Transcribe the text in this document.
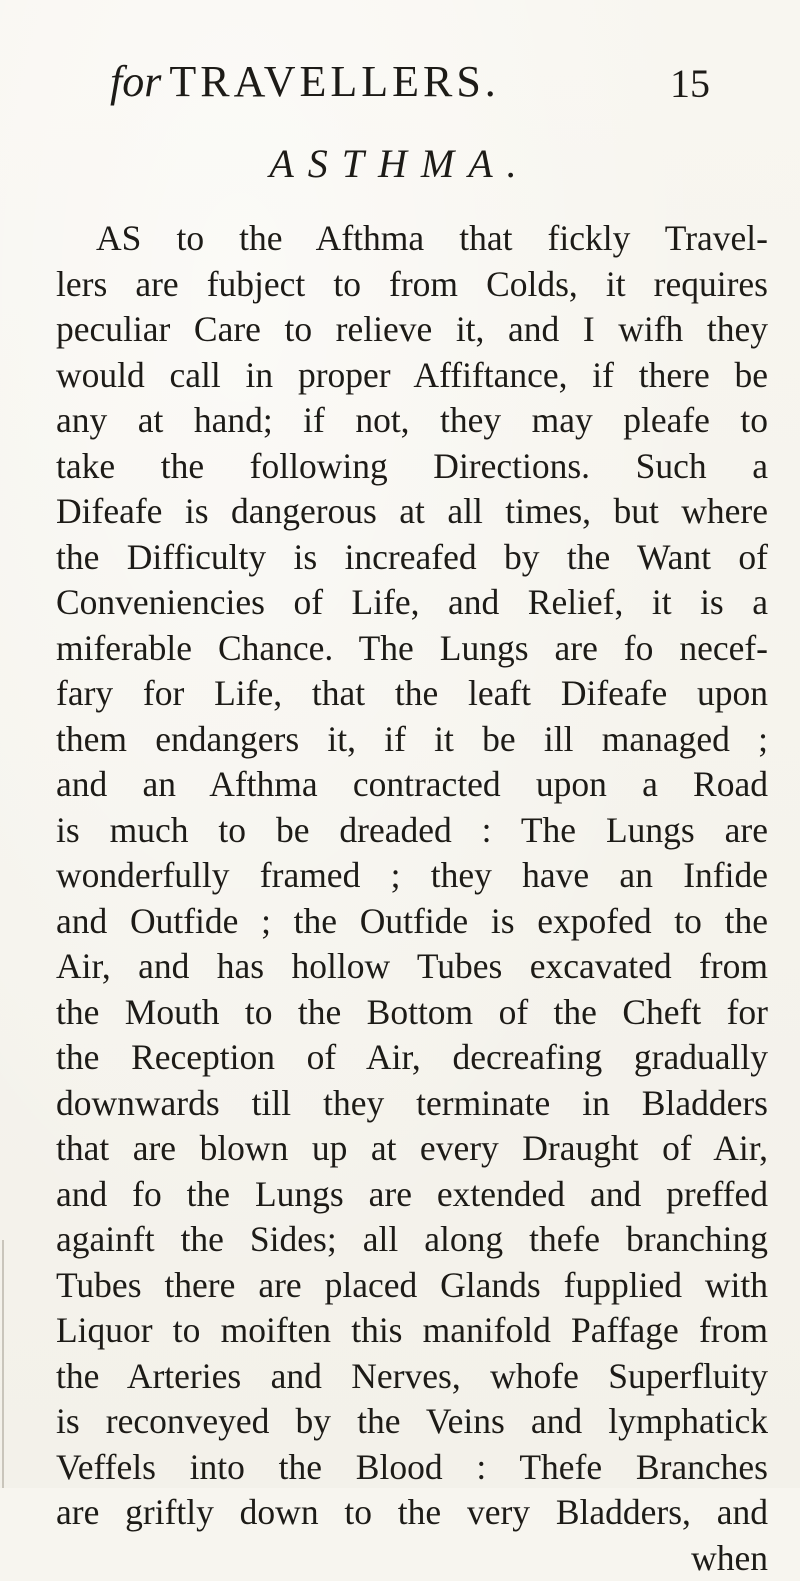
for TRAVELLERS.	15
ASTHMA.
AS to the Afthma that fickly Travel-
lers are fubject to from Colds, it requires
peculiar Care to relieve it, and I wifh they
would call in proper Affiftance, if there be
any at hand; if not, they may pleafe to
take the following Directions. Such a
Difeafe is dangerous at all times, but where
the Difficulty is increafed by the Want of
Conveniencies of Life, and Relief, it is a
miferable Chance. The Lungs are fo necef-
fary for Life, that the leaft Difeafe upon
them endangers it, if it be ill managed ;
and an Afthma contracted upon a Road
is much to be dreaded : The Lungs are
wonderfully framed ; they have an Infide
and Outfide ; the Outfide is expofed to the
Air, and has hollow Tubes excavated from
the Mouth to the Bottom of the Cheft for
the Reception of Air, decreafing gradually
downwards till they terminate in Bladders
that are blown up at every Draught of Air,
and fo the Lungs are extended and preffed
againft the Sides; all along thefe branching
Tubes there are placed Glands fupplied with
Liquor to moiften this manifold Paffage from
the Arteries and Nerves, whofe Superfluity
is reconveyed by the Veins and lymphatick
Veffels into the Blood : Thefe Branches
are griftly down to the very Bladders, and
when
